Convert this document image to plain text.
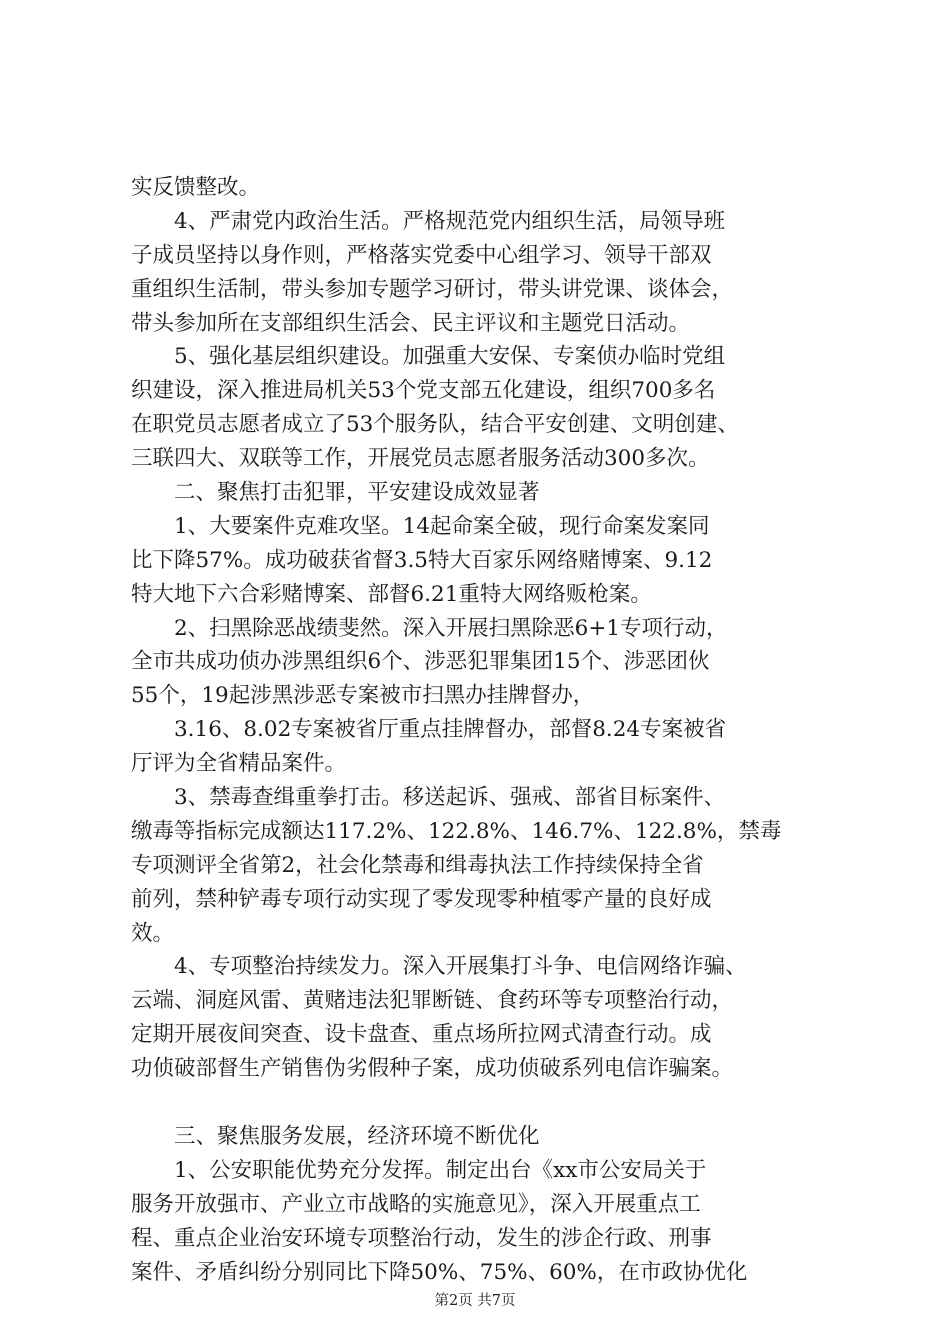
实反馈整改。
　　4、严肃党内政治生活。严格规范党内组织生活，局领导班
子成员坚持以身作则，严格落实党委中心组学习、领导干部双
重组织生活制，带头参加专题学习研讨，带头讲党课、谈体会，
带头参加所在支部组织生活会、民主评议和主题党日活动。
　　5、强化基层组织建设。加强重大安保、专案侦办临时党组
织建设，深入推进局机关53个党支部五化建设，组织700多名
在职党员志愿者成立了53个服务队，结合平安创建、文明创建、
三联四大、双联等工作，开展党员志愿者服务活动300多次。
　　二、聚焦打击犯罪，平安建设成效显著
　　1、大要案件克难攻坚。14起命案全破，现行命案发案同
比下降57%。成功破获省督3.5特大百家乐网络赌博案、9.12
特大地下六合彩赌博案、部督6.21重特大网络贩枪案。
　　2、扫黑除恶战绩斐然。深入开展扫黑除恶6+1专项行动，
全市共成功侦办涉黑组织6个、涉恶犯罪集团15个、涉恶团伙
55个，19起涉黑涉恶专案被市扫黑办挂牌督办，
　　3.16、8.02专案被省厅重点挂牌督办，部督8.24专案被省
厅评为全省精品案件。
　　3、禁毒查缉重拳打击。移送起诉、强戒、部省目标案件、
缴毒等指标完成额达117.2%、122.8%、146.7%、122.8%，禁毒
专项测评全省第2，社会化禁毒和缉毒执法工作持续保持全省
前列，禁种铲毒专项行动实现了零发现零种植零产量的良好成
效。
　　4、专项整治持续发力。深入开展集打斗争、电信网络诈骗、
云端、洞庭风雷、黄赌违法犯罪断链、食药环等专项整治行动，
定期开展夜间突查、设卡盘查、重点场所拉网式清查行动。成
功侦破部督生产销售伪劣假种子案，成功侦破系列电信诈骗案。
　　三、聚焦服务发展，经济环境不断优化
　　1、公安职能优势充分发挥。制定出台《xx市公安局关于
服务开放强市、产业立市战略的实施意见》，深入开展重点工
程、重点企业治安环境专项整治行动，发生的涉企行政、刑事
案件、矛盾纠纷分别同比下降50%、75%、60%，在市政协优化
第2页 共7页
